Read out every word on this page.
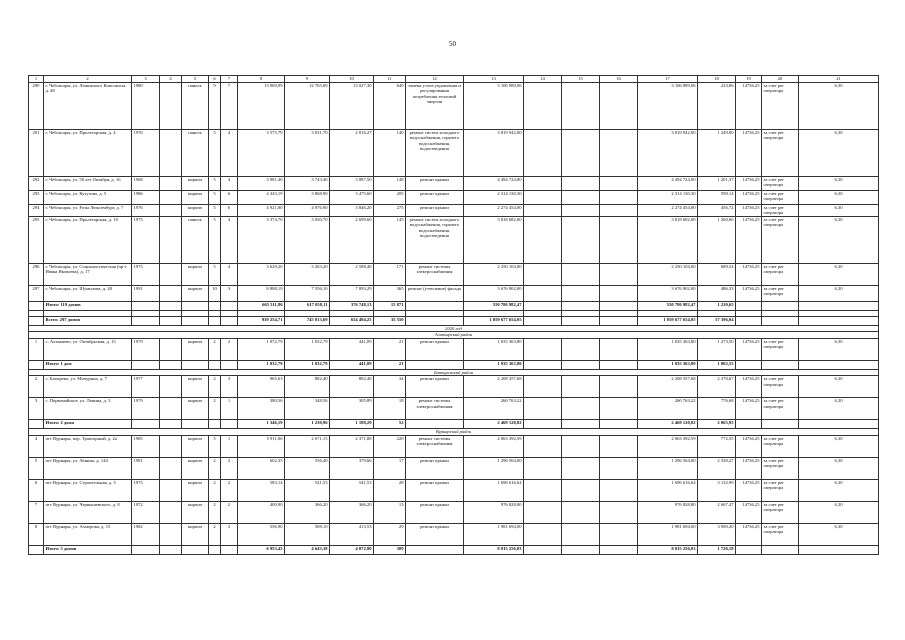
50
1	2	3	4	5	6	7	8	9	10	11	12	13	14	15	16	17	18	19	20	21
290	г. Чебоксары, ул. Ленинского Комсомола, д. 48	1980		панель	9	7	13 969,99	12 765,69	13 027,30	649	замена узлов управления и регулирования потребления тепловой энергии	3 106 989,06				3 106 989,06	223,06	14736,25	за счет рег оператора	6,30
291	г. Чебоксары, ул. Пролетарская, д. 4	1976		панель	5	4	3 575,79	3 031,70	2 816,27	140	ремонт систем холодного водоснабжения, горячего водоснабжения, водоотведения	3 819 942,00				3 819 942,00	1 249,00	14736,25	за счет рег оператора	6,30
292	г. Чебоксары, ул. 50 лет Октября, д. 16	1968		кирпич	5	4	3 981,40	3 743,40	3 887,50	148	ремонт крыши	4 494 724,00				4 494 724,00	1 201,37	14736,25	за счет рег оператора	6,30
293	г. Чебоксары, ул. Кутузова, д. 5	1986		кирпич	5	6	4 343,19	3 868,90	3 475,60	205	ремонт крыши	2 314 130,30				2 314 130,30	598,14	14736,25	за счет рег оператора	6,30
294	г. Чебоксары, ул. Розы Люксембург, д. 7	1976		кирпич	5	6	4 921,80	4 976,90	3 846,20	275	ремонт крыши	2 274 454,00				2 274 454,00	456,72	14736,25	за счет рег оператора	6,30
295	г. Чебоксары, ул. Пролетарская, д. 10	1975		панель	5	4	3 374,70	3 030,70	2 699,60	145	ремонт систем холодного водоснабжения, горячего водоснабжения, водоотведения	3 818 682,00				3 818 682,00	1 260,00	14736,25	за счет рег оператора	6,30
296	г. Чебоксары, ул. Социалистическая (пр-т Ивана Яковлева), д. 17	1975		кирпич	5	4	3 629,20	3 263,20	2 588,40	171	ремонт системы электроснабжения	2 250 104,00				2 250 104,00	689,54	14736,25	за счет рег оператора	6,30
297	г. Чебоксары, ул. Шумилова, д. 28	1991		кирпич	10	3	8 888,19	7 556,10	7 093,29	365	ремонт (утепление) фасада	3 676 902,00				3 676 902,00	486,33	14736,25	за счет рег оператора	6,30
	Итого: 119 домов						665 511,86	617 058,11	376 748,13	15 871		550 786 982,47				550 786 982,47	1 220,65			

	Всего: 297 домов						939 254,71	745 813,69	654 494,25	35 550		1 059 677 654,05				1 059 677 654,05	57 396,04			
2020 год																				
Алатырский район																				
1	с. Алтышево, ул. Октябрьская, д. 15	1979		кирпич	2	2	1 072,79	1 032,79	441,09	21	ремонт крыши	1 035 363,80				1 035 363,80	1 273,50	14736,25	за счет рег оператора	6,30
	Итого: 1 дом						1 032,79	1 032,79	441,09	21		1 035 363,80				1 035 363,80	1 002,55			
Батыревский район																				
2	с. Батырево, ул. Мичурина, д. 7	1977		кирпич	2	3	965,63	882,40	882,40	34	ремонт крыши	2 208 357,68				2 208 357,68	2 370,67	14736,25	за счет рег оператора	6,30
3	с. Первомайское, ул. Ленина, д. 3	1979		кирпич	2	1	380,56	348,56	305,89	18	ремонт системы электроснабжения	260 763,22				260 763,22	776,68	14736,25	за счет рег оператора	6,30
	Итого: 2 дома						1 346,19	1 230,96	1 188,29	52		2 469 120,82				2 469 120,82	2 065,95			
Вурнарский район																				
4	пгт Вурнары, пер. Тракторный, д. 2а	1985		кирпич	5	1	5 911,06	2 671,15	2 371,88	220	ремонт системы электроснабжения	2 063 392,59				2 063 392,59	772,55	14736,25	за счет рег оператора	6,30
5	пгт Вурнары, ул. Ленина, д. 144	1981		кирпич	2	2	602,35	556,40	379,66	17	ремонт крыши	1 296 564,00				1 296 564,00	2 330,27	14736,25	за счет рег оператора	6,30
6	пгт Вурнары, ул. Строительная, д. 5	1975		кирпич	2	2	583,14	541,53	541,53	28	ремонт крыши	1 696 616,64				1 696 616,64	3 132,99	14736,25	за счет рег оператора	6,30
7	пгт Вурнары, ул. Чернышевского, д. 8	1972		кирпич	2	2	400,90	366,20	366,20	13	ремонт крыши	976 828,80				976 828,80	2 667,47	14736,25	за счет рег оператора	6,30
8	пгт Вурнары, ул. Ахмерова, д. 15	1982		кирпич	2	2	556,90	508,10	413,53	29	ремонт крыши	1 981 694,00				1 981 694,00	3 900,20	14736,25	за счет рег оператора	6,30
	Итого: 5 домов						6 953,45	4 643,38	4 072,80	309		8 015 256,03				8 015 256,03	1 726,18			
